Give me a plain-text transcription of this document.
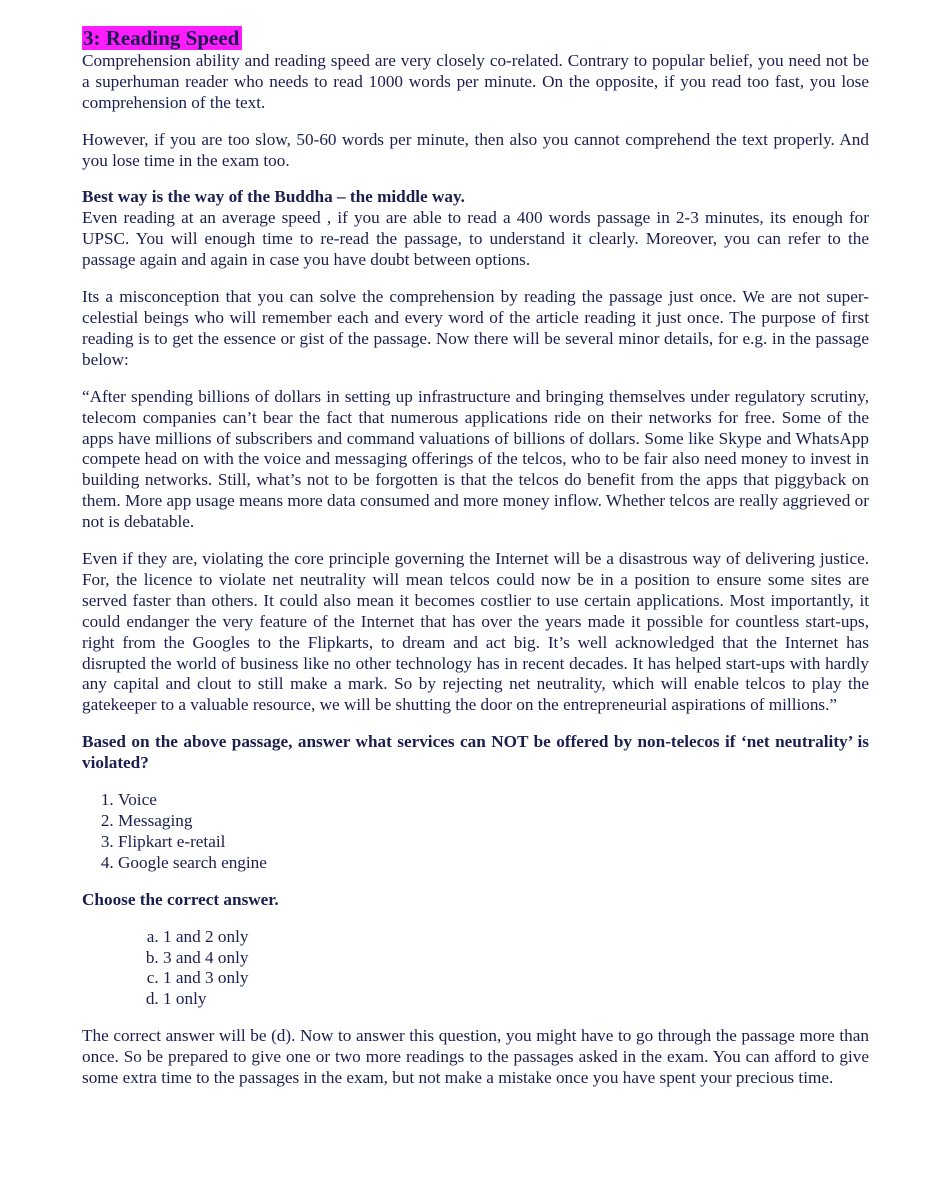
3: Reading Speed

Comprehension ability and reading speed are very closely co-related. Contrary to popular belief, you need not be a superhuman reader who needs to read 1000 words per minute. On the opposite, if you read too fast, you lose comprehension of the text.

However, if you are too slow, 50-60 words per minute, then also you cannot comprehend the text properly. And you lose time in the exam too.

Best way is the way of the Buddha – the middle way.

Even reading at an average speed , if you are able to read a 400 words passage in 2-3 minutes, its enough for UPSC. You will enough time to re-read the passage, to understand it clearly. Moreover, you can refer to the passage again and again in case you have doubt between options.

Its a misconception that you can solve the comprehension by reading the passage just once. We are not super-celestial beings who will remember each and every word of the article reading it just once. The purpose of first reading is to get the essence or gist of the passage. Now there will be several minor details, for e.g. in the passage below:

“After spending billions of dollars in setting up infrastructure and bringing themselves under regulatory scrutiny, telecom companies can’t bear the fact that numerous applications ride on their networks for free. Some of the apps have millions of subscribers and command valuations of billions of dollars. Some like Skype and WhatsApp compete head on with the voice and messaging offerings of the telcos, who to be fair also need money to invest in building networks. Still, what’s not to be forgotten is that the telcos do benefit from the apps that piggyback on them. More app usage means more data consumed and more money inflow. Whether telcos are really aggrieved or not is debatable.

Even if they are, violating the core principle governing the Internet will be a disastrous way of delivering justice. For, the licence to violate net neutrality will mean telcos could now be in a position to ensure some sites are served faster than others. It could also mean it becomes costlier to use certain applications. Most importantly, it could endanger the very feature of the Internet that has over the years made it possible for countless start-ups, right from the Googles to the Flipkarts, to dream and act big. It’s well acknowledged that the Internet has disrupted the world of business like no other technology has in recent decades. It has helped start-ups with hardly any capital and clout to still make a mark. So by rejecting net neutrality, which will enable telcos to play the gatekeeper to a valuable resource, we will be shutting the door on the entrepreneurial aspirations of millions.”

Based on the above passage, answer what services can NOT be offered by non-telecos if ‘net neutrality’ is violated?

1. Voice
2. Messaging
3. Flipkart e-retail
4. Google search engine

Choose the correct answer.

a. 1 and 2 only
b. 3 and 4 only
c. 1 and 3 only
d. 1 only

The correct answer will be (d). Now to answer this question, you might have to go through the passage more than once. So be prepared to give one or two more readings to the passages asked in the exam. You can afford to give some extra time to the passages in the exam, but not make a mistake once you have spent your precious time.
